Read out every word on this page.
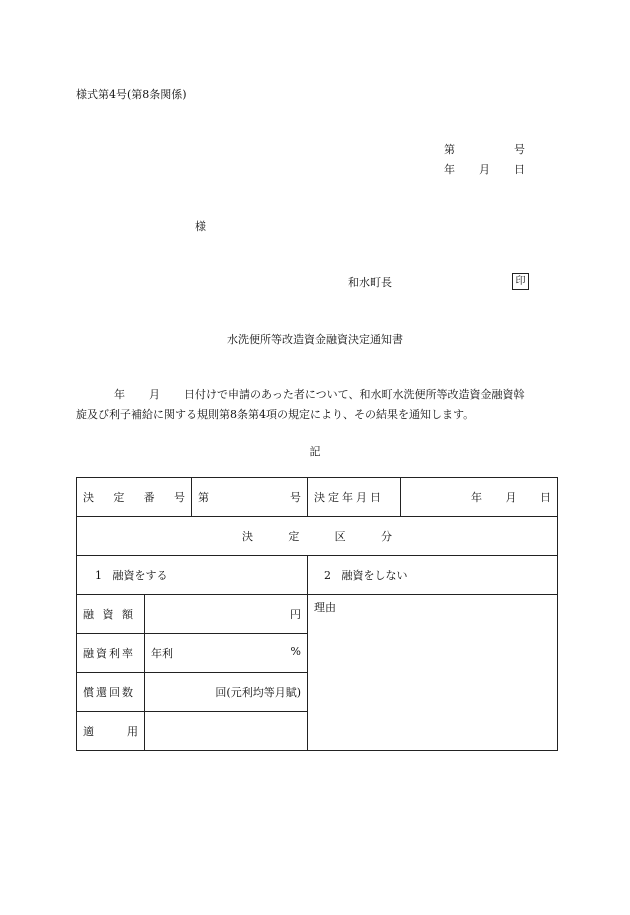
様式第4号(第8条関係)
第	号
年 月 日
様
和水町長	印
水洗便所等改造資金融資決定通知書
年 月 日付けで申請のあった者について、和水町水洗便所等改造資金融資斡
旋及び利子補給に関する規則第8条第4項の規定により、その結果を通知します。
記
決 定 番 号		第 号	決定年月日	年 月 日

決 定 区 分				

1 融資をする			2 融資をしない	

融 資 額	円		理由	
融資利率	年利 %			

償還回数	回(元利均等月賦)			

適 用				
